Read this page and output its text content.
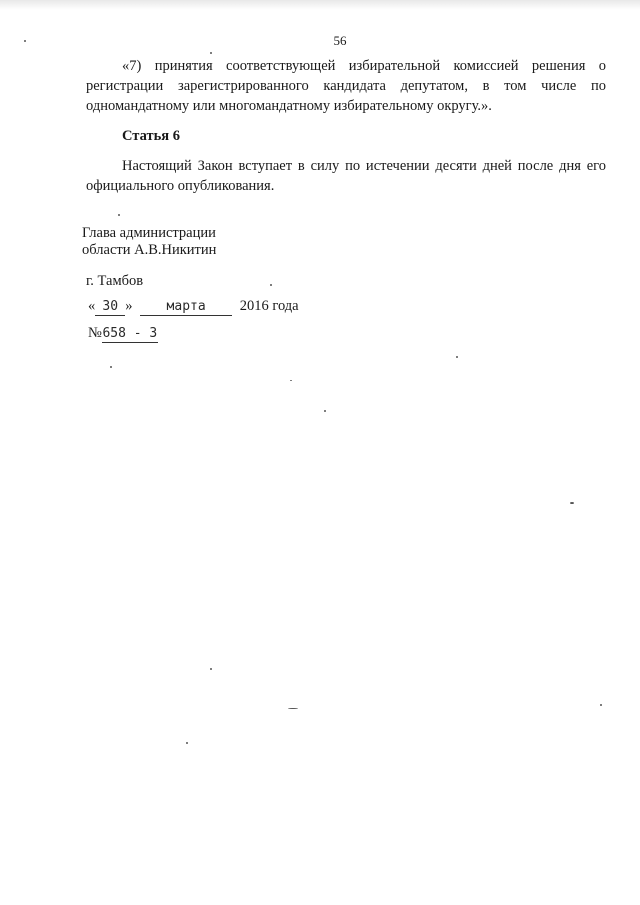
56
«7) принятия соответствующей избирательной комиссией решения о регистрации зарегистрированного кандидата депутатом, в том числе по одномандатному или многомандатному избирательному округу.».
Статья 6
Настоящий Закон вступает в силу по истечении десяти дней после дня его официального опубликования.
Глава администрации
области А.В.Никитин
г. Тамбов
« 30 »	марта 2016 года
№658 - 3
